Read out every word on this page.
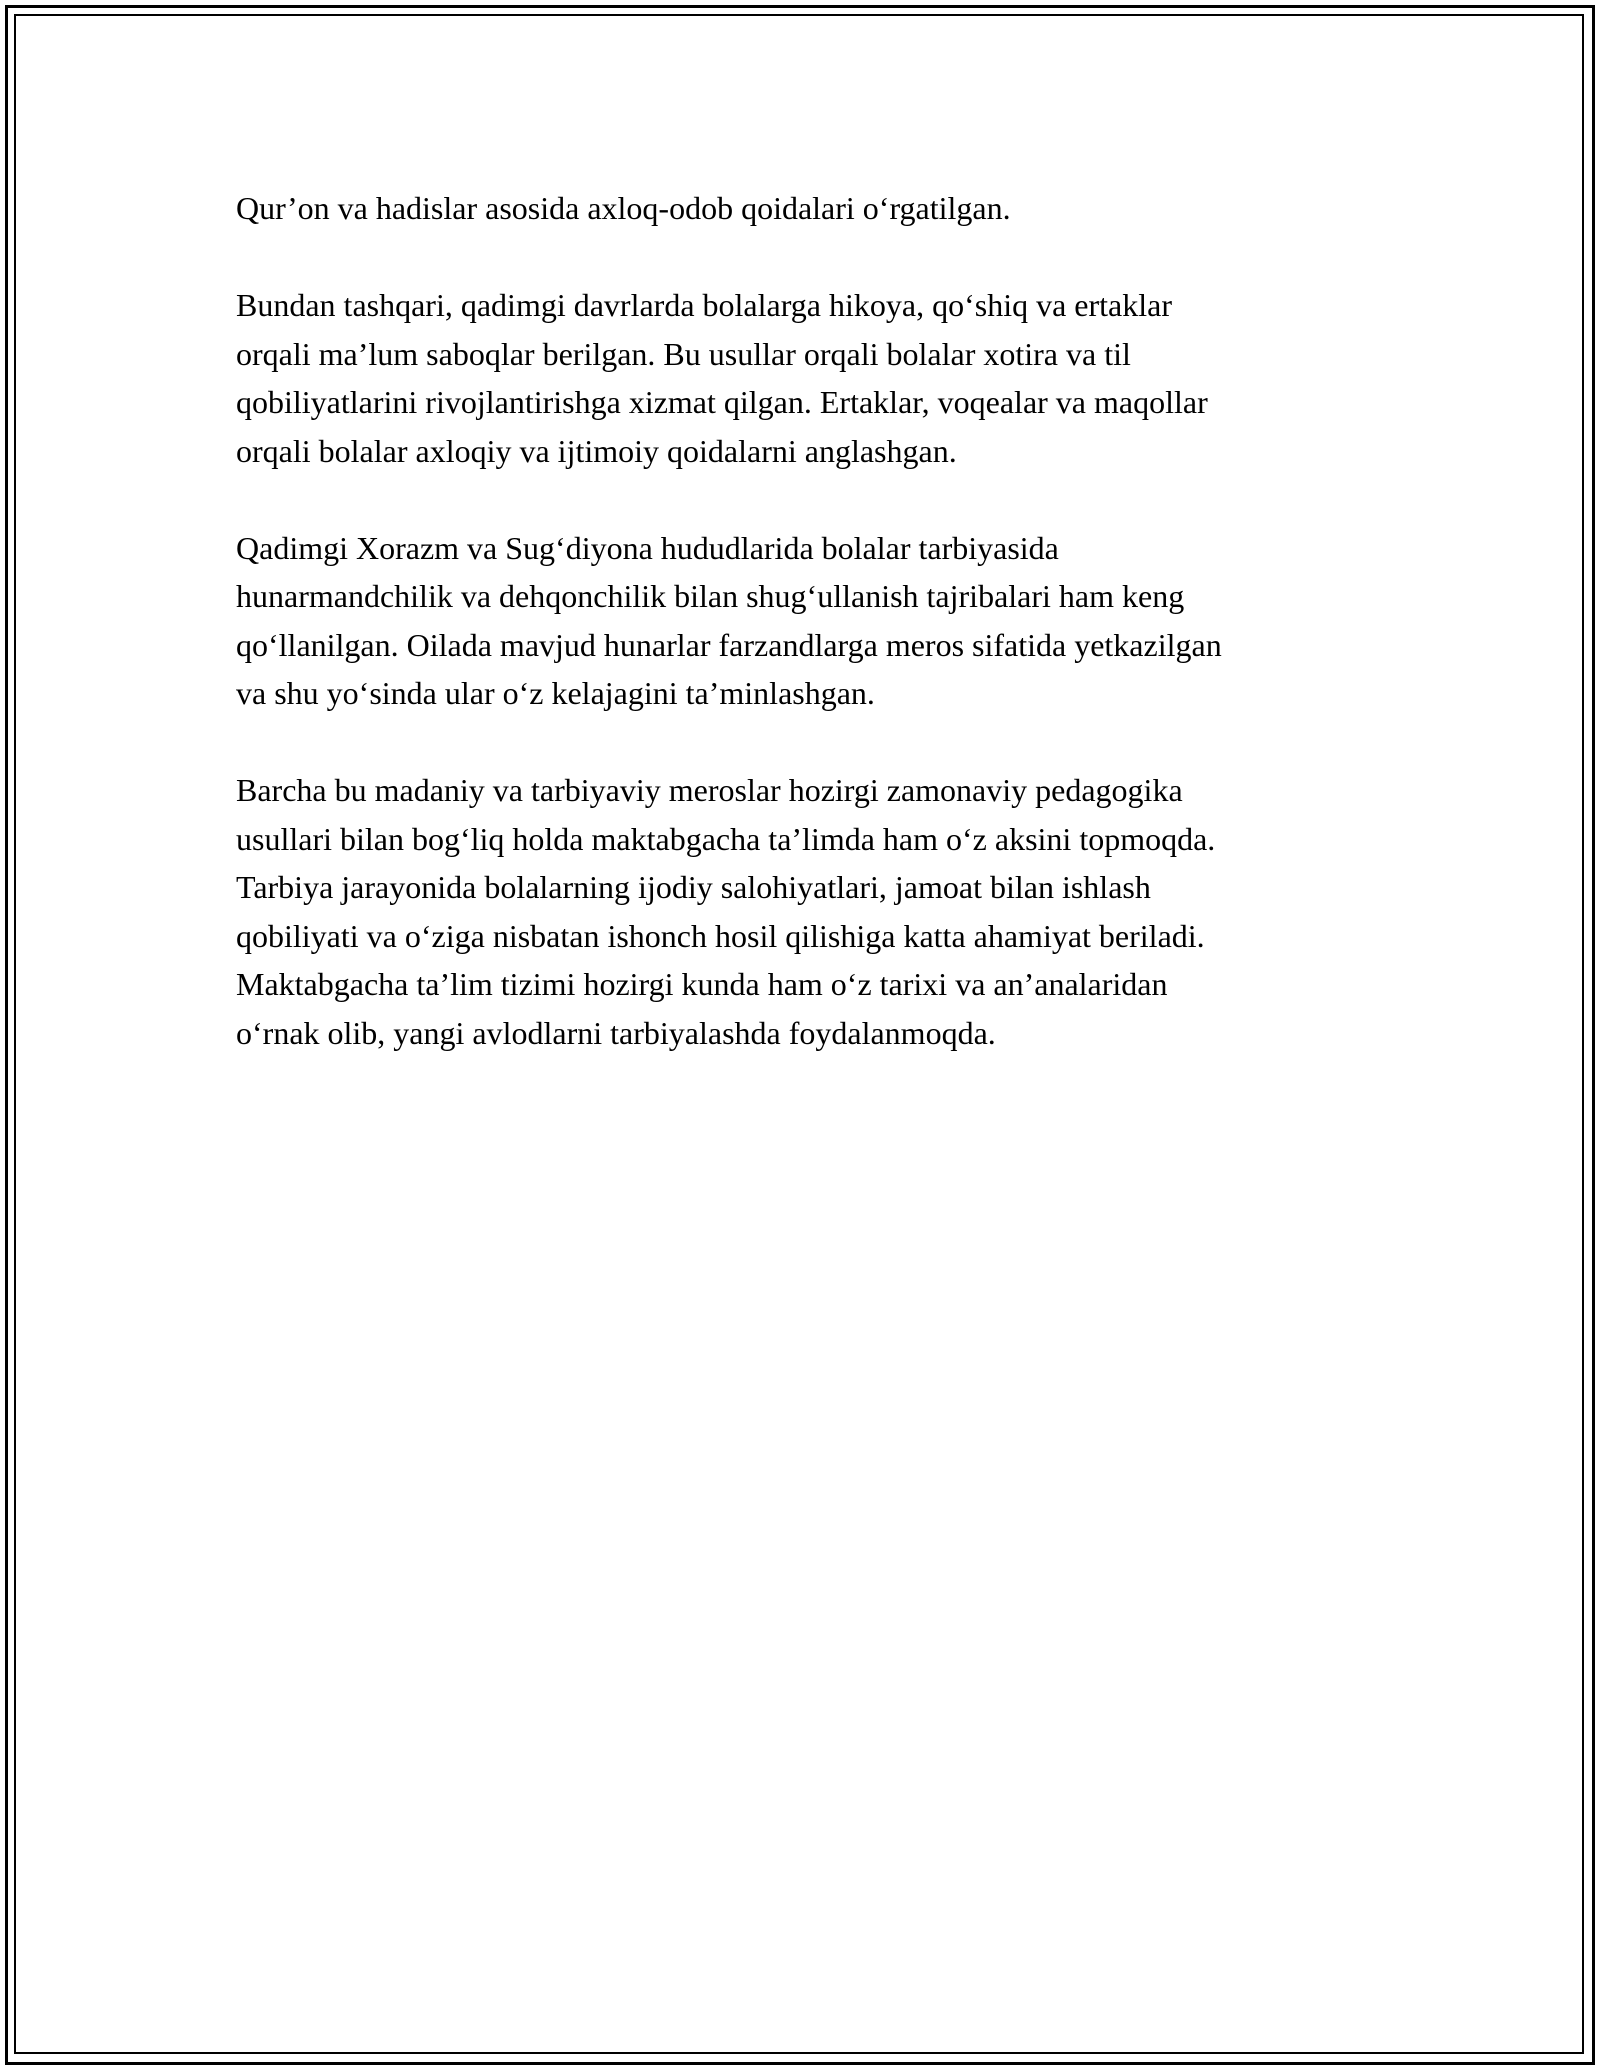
Qur’on va hadislar asosida axloq-odob qoidalari o‘rgatilgan.

Bundan tashqari, qadimgi davrlarda bolalarga hikoya, qo‘shiq va ertaklar
orqali ma’lum saboqlar berilgan. Bu usullar orqali bolalar xotira va til
qobiliyatlarini rivojlantirishga xizmat qilgan. Ertaklar, voqealar va maqollar
orqali bolalar axloqiy va ijtimoiy qoidalarni anglashgan.

Qadimgi Xorazm va Sug‘diyona hududlarida bolalar tarbiyasida
hunarmandchilik va dehqonchilik bilan shug‘ullanish tajribalari ham keng
qo‘llanilgan. Oilada mavjud hunarlar farzandlarga meros sifatida yetkazilgan
va shu yo‘sinda ular o‘z kelajagini ta’minlashgan.

Barcha bu madaniy va tarbiyaviy meroslar hozirgi zamonaviy pedagogika
usullari bilan bog‘liq holda maktabgacha ta’limda ham o‘z aksini topmoqda.
Tarbiya jarayonida bolalarning ijodiy salohiyatlari, jamoat bilan ishlash
qobiliyati va o‘ziga nisbatan ishonch hosil qilishiga katta ahamiyat beriladi.
Maktabgacha ta’lim tizimi hozirgi kunda ham o‘z tarixi va an’analaridan
o‘rnak olib, yangi avlodlarni tarbiyalashda foydalanmoqda.
